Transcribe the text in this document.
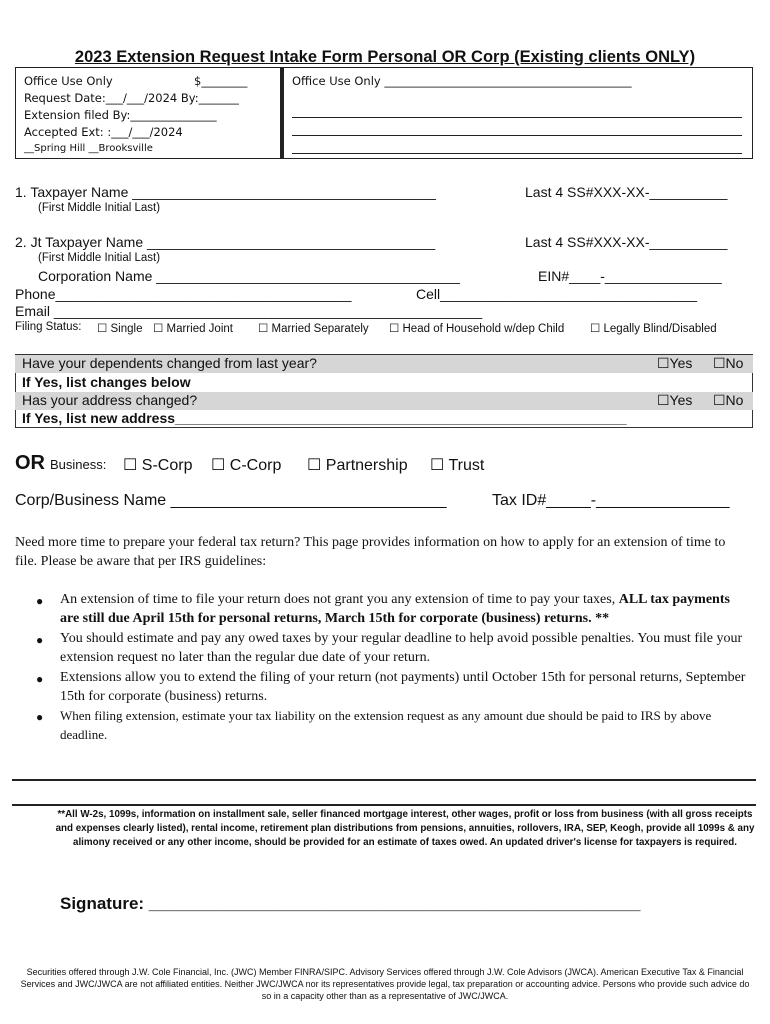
2023 Extension Request Intake Form Personal OR Corp (Existing clients ONLY)
Office Use Only	$________
Request Date:___/___/2024 By:_______
Extension filed By:_______________
Accepted Ext: :___/___/2024
__Spring Hill __Brooksville
Office Use Only ___________________________________________
1. Taxpayer Name _______________________________________	Last 4 SS#XXX-XX-__________
(First Middle Initial Last)
2. Jt Taxpayer Name _____________________________________	Last 4 SS#XXX-XX-__________
(First Middle Initial Last)
Corporation Name _______________________________________	EIN#____-_______________
Phone______________________________________	Cell_________________________________
Email _______________________________________________________
Filing Status: ☐ Single ☐ Married Joint ☐ Married Separately ☐ Head of Household w/dep Child ☐ Legally Blind/Disabled
Have your dependents changed from last year?	☐Yes ☐No
If Yes, list changes below
Has your address changed?	☐Yes ☐No
If Yes, list new address__________________________________________________________
OR Business: ☐ S-Corp ☐ C-Corp ☐ Partnership ☐ Trust
Corp/Business Name _______________________________	Tax ID#_____-_______________
Need more time to prepare your federal tax return? This page provides information on how to apply for an extension of time to file. Please be aware that per IRS guidelines:
● An extension of time to file your return does not grant you any extension of time to pay your taxes, ALL tax payments are still due April 15th for personal returns, March 15th for corporate (business) returns. **
● You should estimate and pay any owed taxes by your regular deadline to help avoid possible penalties. You must file your extension request no later than the regular due date of your return.
● Extensions allow you to extend the filing of your return (not payments) until October 15th for personal returns, September 15th for corporate (business) returns.
● When filing extension, estimate your tax liability on the extension request as any amount due should be paid to IRS by above deadline.
**All W-2s, 1099s, information on installment sale, seller financed mortgage interest, other wages, profit or loss from business (with all gross receipts and expenses clearly listed), rental income, retirement plan distributions from pensions, annuities, rollovers, IRA, SEP, Keogh, provide all 1099s & any alimony received or any other income, should be provided for an estimate of taxes owed. An updated driver's license for taxpayers is required.
Signature: ____________________________________________________
Securities offered through J.W. Cole Financial, Inc. (JWC) Member FINRA/SIPC. Advisory Services offered through J.W. Cole Advisors (JWCA). American Executive Tax & Financial Services and JWC/JWCA are not affiliated entities. Neither JWC/JWCA nor its representatives provide legal, tax preparation or accounting advice. Persons who provide such advice do so in a capacity other than as a representative of JWC/JWCA.
